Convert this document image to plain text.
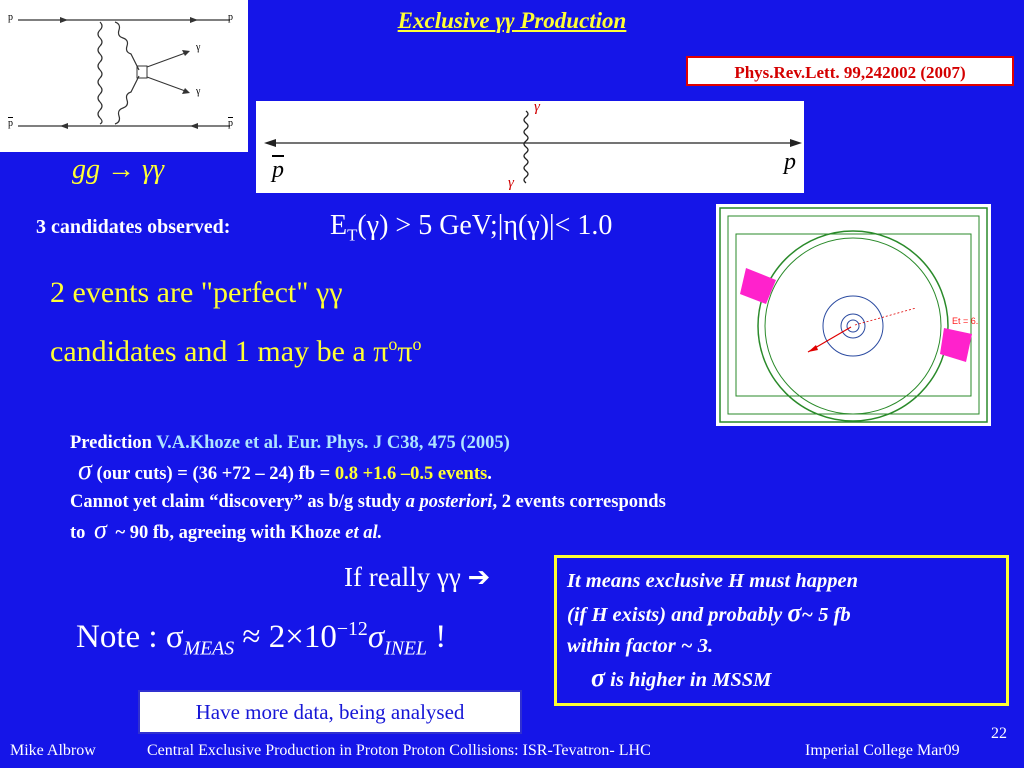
Exclusive γγ Production
Phys.Rev.Lett. 99,242002 (2007)
p	p
$\overline{p}$	$\overline{p}$
γ
γ
gg → γγ
γ
γ
$\overline{p}$	p
Et = 6.
3 candidates observed:	$E_T(\gamma) > 5$ GeV;|η(γ)|< 1.0
2 events are "perfect" γγ
candidates and 1 may be a $\pi^o\pi^o$
Prediction V.A.Khoze et al. Eur. Phys. J C38, 475 (2005)
σ (our cuts) = (36 +72 – 24) fb = 0.8 +1.6 –0.5 events.
Cannot yet claim “discovery” as b/g study a posteriori, 2 events corresponds
to σ ~ 90 fb, agreeing with Khoze et al.
If really γγ ➔
Note : $\sigma_{MEAS} \approx 2\times 10^{-12}\sigma_{INEL}$ !
It means exclusive H must happen
(if H exists) and probably σ~ 5 fb
within factor ~ 3.
σ is higher in MSSM
Have more data, being analysed
22
Mike Albrow	Central Exclusive Production in Proton Proton Collisions: ISR-Tevatron- LHC	Imperial College Mar09
